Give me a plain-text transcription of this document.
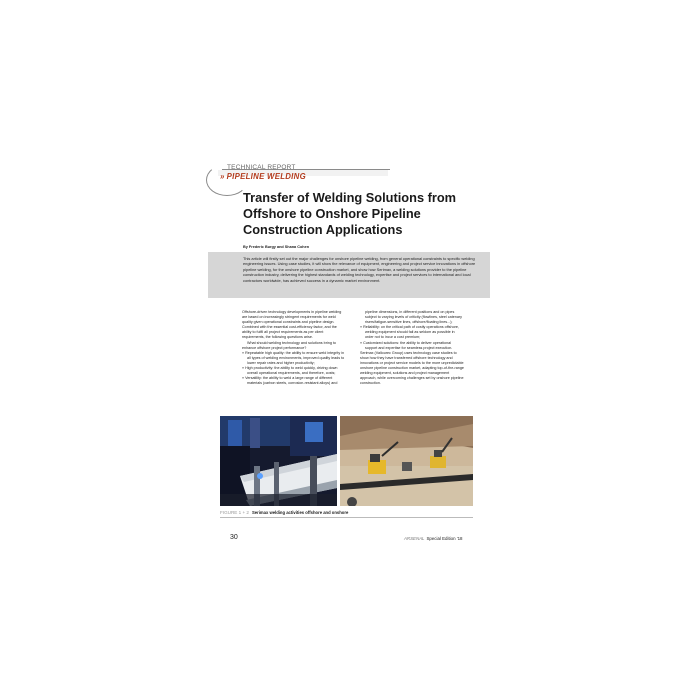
TECHNICAL REPORT
» PIPELINE WELDING
Transfer of Welding Solutions from Offshore to Onshore Pipeline Construction Applications
By Frederic Burgy and Shana Cohen

This article will firstly set out the major challenges for onshore pipeline welding, from general operational constraints to specific welding engineering issues. Using case studies, it will show the relevance of equipment, engineering and project service innovations in offshore pipeline welding, for the onshore pipeline construction market, and show how Serimax, a welding solutions provider to the pipeline construction industry, delivering the highest standards of welding technology, expertise and project services to international and local contractors worldwide, has achieved success in a dynamic market environment.

Offshore-driven technology developments in pipeline welding are based on increasingly stringent requirements for weld quality given operational constraints and pipeline design. Combined with the essential cost-efficiency factor, and the ability to fulfil all project requirements as per client requirements, the following questions arise.

What should welding technology and solutions bring to enhance offshore project performance?

» Repeatable high quality: the ability to ensure weld integrity in all types of welding environments, improved quality leads to lower repair rates and higher productivity;

» High productivity: the ability to weld quickly, driving down overall operational requirements, and therefore, costs;

» Versatility: the ability to weld a large range of different materials (carbon steels, corrosion-resistant alloys) and

pipeline dimensions, in different positions and on pipes subject to varying levels of criticity (flowlines, steel catenary risers/fatigue-sensitive lines, offshore/floating lines...);

» Reliability: on the critical path of costly operations offshore, welding equipment should fail as seldom as possible in order not to incur a cost premium;

» Customized solutions: the ability to deliver operational support and expertise for seamless project execution.

Serimax (Vallourec Group) uses technology case studies to show how they have transferred offshore technology and innovations or project service models to the more unpredictable onshore pipeline construction market, adapting top-of-the-range welding equipment, solutions and project management approach, while overcoming challenges set by onshore pipeline construction.

FIGURE 1 + 2 Serimax welding activities offshore and onshore
30	ARSENAL Special Edition '18
